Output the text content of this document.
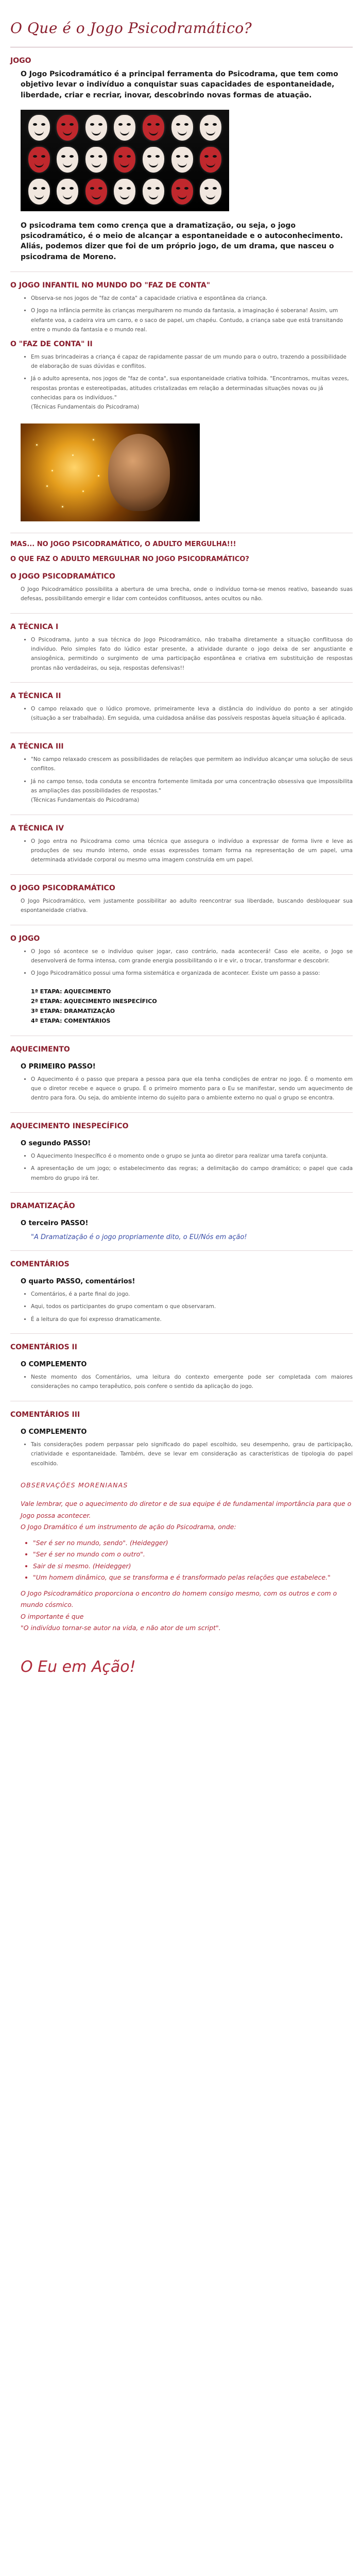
O Que é o Jogo Psicodramático?
JOGO
O Jogo Psicodramático é a principal ferramenta do Psicodrama, que tem como objetivo levar o indivíduo a conquistar suas capacidades de espontaneidade, liberdade, criar e recriar, inovar, descobrindo novas formas de atuação.
O psicodrama tem como crença que a dramatização, ou seja, o jogo psicodramático, é o meio de alcançar a espontaneidade e o autoconhecimento.
Aliás, podemos dizer que foi de um próprio jogo, de um drama, que nasceu o psicodrama de Moreno.
O JOGO INFANTIL NO MUNDO DO "FAZ DE CONTA"
• Observa-se nos jogos de "faz de conta" a capacidade criativa e espontânea da criança.
• O Jogo na infância permite às crianças mergulharem no mundo da fantasia, a imaginação é soberana! Assim, um elefante voa, a cadeira vira um carro, e o saco de papel, um chapéu. Contudo, a criança sabe que está transitando entre o mundo da fantasia e o mundo real.
O "FAZ DE CONTA" II
• Em suas brincadeiras a criança é capaz de rapidamente passar de um mundo para o outro, trazendo a possibilidade de elaboração de suas dúvidas e conflitos.
• Já o adulto apresenta, nos jogos de "faz de conta", sua espontaneidade criativa tolhida. "Encontramos, muitas vezes, respostas prontas e estereotipadas, atitudes cristalizadas em relação a determinadas situações novas ou já conhecidas para os indivíduos."
(Técnicas Fundamentais do Psicodrama)
MAS... NO JOGO PSICODRAMÁTICO, O ADULTO MERGULHA!!!
O QUE FAZ O ADULTO MERGULHAR NO JOGO PSICODRAMÁTICO?
O JOGO PSICODRAMÁTICO
O Jogo Psicodramático possibilita a abertura de uma brecha, onde o indivíduo torna-se menos reativo, baseando suas defesas, possibilitando emergir e lidar com conteúdos conflituosos, antes ocultos ou não.
A TÉCNICA I
• O Psicodrama, junto a sua técnica do Jogo Psicodramático, não trabalha diretamente a situação conflituosa do indivíduo. Pelo simples fato do lúdico estar presente, a atividade durante o jogo deixa de ser angustiante e ansiogênica, permitindo o surgimento de uma participação espontânea e criativa em substituição de respostas prontas não verdadeiras, ou seja, respostas defensivas!!
A TÉCNICA II
• O campo relaxado que o lúdico promove, primeiramente leva a distância do indivíduo do ponto a ser atingido (situação a ser trabalhada). Em seguida, uma cuidadosa análise das possíveis respostas àquela situação é aplicada.
A TÉCNICA III
• "No campo relaxado crescem as possibilidades de relações que permitem ao indivíduo alcançar uma solução de seus conflitos.
• Já no campo tenso, toda conduta se encontra fortemente limitada por uma concentração obsessiva que impossibilita as ampliações das possibilidades de respostas."
(Técnicas Fundamentais do Psicodrama)
A TÉCNICA IV
• O Jogo entra no Psicodrama como uma técnica que assegura o indivíduo a expressar de forma livre e leve as produções de seu mundo interno, onde essas expressões tomam forma na representação de um papel, uma determinada atividade corporal ou mesmo uma imagem construída em um papel.
O JOGO PSICODRAMÁTICO
O Jogo Psicodramático, vem justamente possibilitar ao adulto reencontrar sua liberdade, buscando desbloquear sua espontaneidade criativa.
O JOGO
• O Jogo só acontece se o indivíduo quiser jogar, caso contrário, nada acontecerá! Caso ele aceite, o Jogo se desenvolverá de forma intensa, com grande energia possibilitando o ir e vir, o trocar, transformar e descobrir.
• O Jogo Psicodramático possui uma forma sistemática e organizada de acontecer. Existe um passo a passo:
1ª ETAPA: AQUECIMENTO
2ª ETAPA: AQUECIMENTO INESPECÍFICO
3ª ETAPA: DRAMATIZAÇÃO
4ª ETAPA: COMENTÁRIOS
AQUECIMENTO
O PRIMEIRO PASSO!
• O Aquecimento é o passo que prepara a pessoa para que ela tenha condições de entrar no jogo. É o momento em que o diretor recebe e aquece o grupo. É o primeiro momento para o Eu se manifestar, sendo um aquecimento de dentro para fora. Ou seja, do ambiente interno do sujeito para o ambiente externo no qual o grupo se encontra.
AQUECIMENTO INESPECÍFICO
O segundo PASSO!
• O Aquecimento Inespecífico é o momento onde o grupo se junta ao diretor para realizar uma tarefa conjunta.
• A apresentação de um jogo; o estabelecimento das regras; a delimitação do campo dramático; o papel que cada membro do grupo irá ter.
DRAMATIZAÇÃO
O terceiro PASSO!
"A Dramatização é o jogo propriamente dito, o EU/Nós em ação!
COMENTÁRIOS
O quarto PASSO, comentários!
• Comentários, é a parte final do jogo.
• Aqui, todos os participantes do grupo comentam o que observaram.
• É a leitura do que foi expresso dramaticamente.
COMENTÁRIOS II
O COMPLEMENTO
• Neste momento dos Comentários, uma leitura do contexto emergente pode ser completada com maiores considerações no campo terapêutico, pois confere o sentido da aplicação do jogo.
COMENTÁRIOS III
O COMPLEMENTO
• Tais considerações podem perpassar pelo significado do papel escolhido, seu desempenho, grau de participação, criatividade e espontaneidade. Também, deve se levar em consideração as características de tipologia do papel escolhido.
OBSERVAÇÕES MORENIANAS
Vale lembrar, que o aquecimento do diretor e de sua equipe é de fundamental importância para que o Jogo possa acontecer.
O Jogo Dramático é um instrumento de ação do Psicodrama, onde:
• "Ser é ser no mundo, sendo". (Heidegger)
• "Ser é ser no mundo com o outro".
• Sair de si mesmo. (Heidegger)
• "Um homem dinâmico, que se transforma e é transformado pelas relações que estabelece."
O Jogo Psicodramático proporciona o encontro do homem consigo mesmo, com os outros e com o mundo cósmico.
O importante é que
"O indivíduo tornar-se autor na vida, e não ator de um script".
O Eu em Ação!
